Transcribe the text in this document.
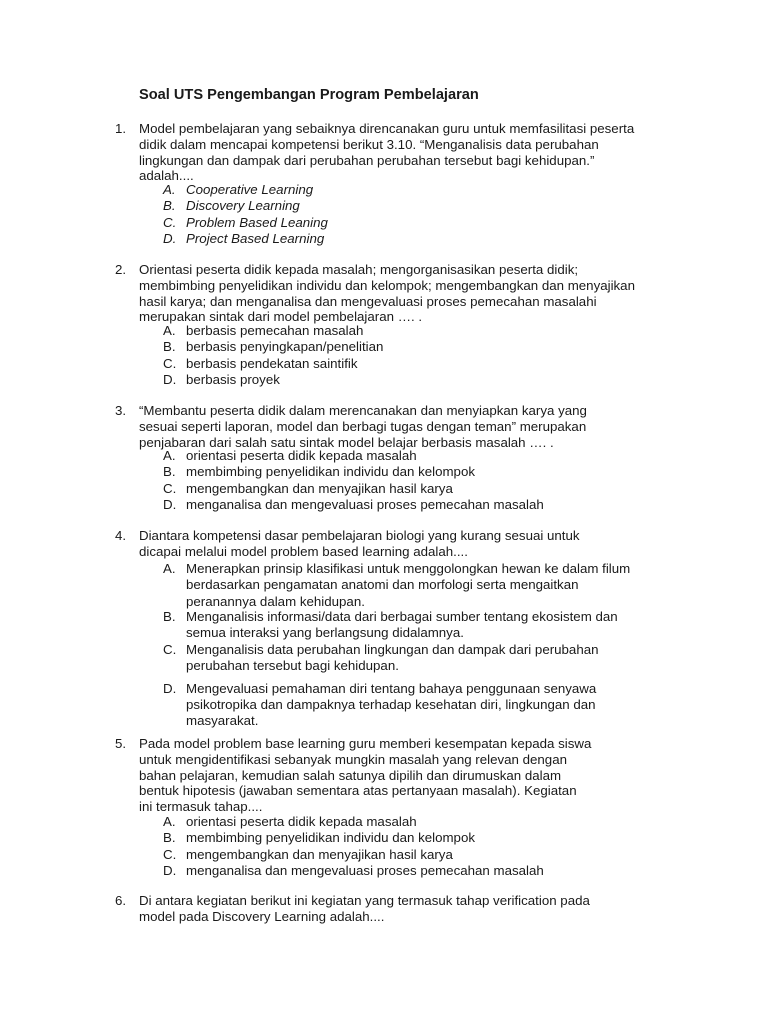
Soal UTS Pengembangan Program Pembelajaran
1. Model pembelajaran yang sebaiknya direncanakan guru untuk memfasilitasi peserta
didik dalam mencapai kompetensi berikut 3.10. “Menganalisis data perubahan
lingkungan dan dampak dari perubahan perubahan tersebut bagi kehidupan.”
adalah....
A. Cooperative Learning

B. Discovery Learning

C. Problem Based Leaning

D. Project Based Learning

2. Orientasi peserta didik kepada masalah; mengorganisasikan peserta didik;
membimbing penyelidikan individu dan kelompok; mengembangkan dan menyajikan
hasil karya; dan menganalisa dan mengevaluasi proses pemecahan masalahi
merupakan sintak dari model pembelajaran …. .
A. berbasis pemecahan masalah

B. berbasis penyingkapan/penelitian

C. berbasis pendekatan saintifik

D. berbasis proyek

3. “Membantu peserta didik dalam merencanakan dan menyiapkan karya yang
sesuai seperti laporan, model dan berbagi tugas dengan teman” merupakan
penjabaran dari salah satu sintak model belajar berbasis masalah …. .
A. orientasi peserta didik kepada masalah

B. membimbing penyelidikan individu dan kelompok

C. mengembangkan dan menyajikan hasil karya

D. menganalisa dan mengevaluasi proses pemecahan masalah

4. Diantara kompetensi dasar pembelajaran biologi yang kurang sesuai untuk
dicapai melalui model problem based learning adalah....
A. Menerapkan prinsip klasifikasi untuk menggolongkan hewan ke dalam filum
berdasarkan pengamatan anatomi dan morfologi serta mengaitkan
peranannya dalam kehidupan.
B. Menganalisis informasi/data dari berbagai sumber tentang ekosistem dan
semua interaksi yang berlangsung didalamnya.
C. Menganalisis data perubahan lingkungan dan dampak dari perubahan
perubahan tersebut bagi kehidupan.
D. Mengevaluasi pemahaman diri tentang bahaya penggunaan senyawa
psikotropika dan dampaknya terhadap kesehatan diri, lingkungan dan
masyarakat.
5. Pada model problem base learning guru memberi kesempatan kepada siswa
untuk mengidentifikasi sebanyak mungkin masalah yang relevan dengan
bahan pelajaran, kemudian salah satunya dipilih dan dirumuskan dalam
bentuk hipotesis (jawaban sementara atas pertanyaan masalah). Kegiatan
ini termasuk tahap....
A. orientasi peserta didik kepada masalah

B. membimbing penyelidikan individu dan kelompok

C. mengembangkan dan menyajikan hasil karya

D. menganalisa dan mengevaluasi proses pemecahan masalah

6. Di antara kegiatan berikut ini kegiatan yang termasuk tahap verification pada
model pada Discovery Learning adalah....
